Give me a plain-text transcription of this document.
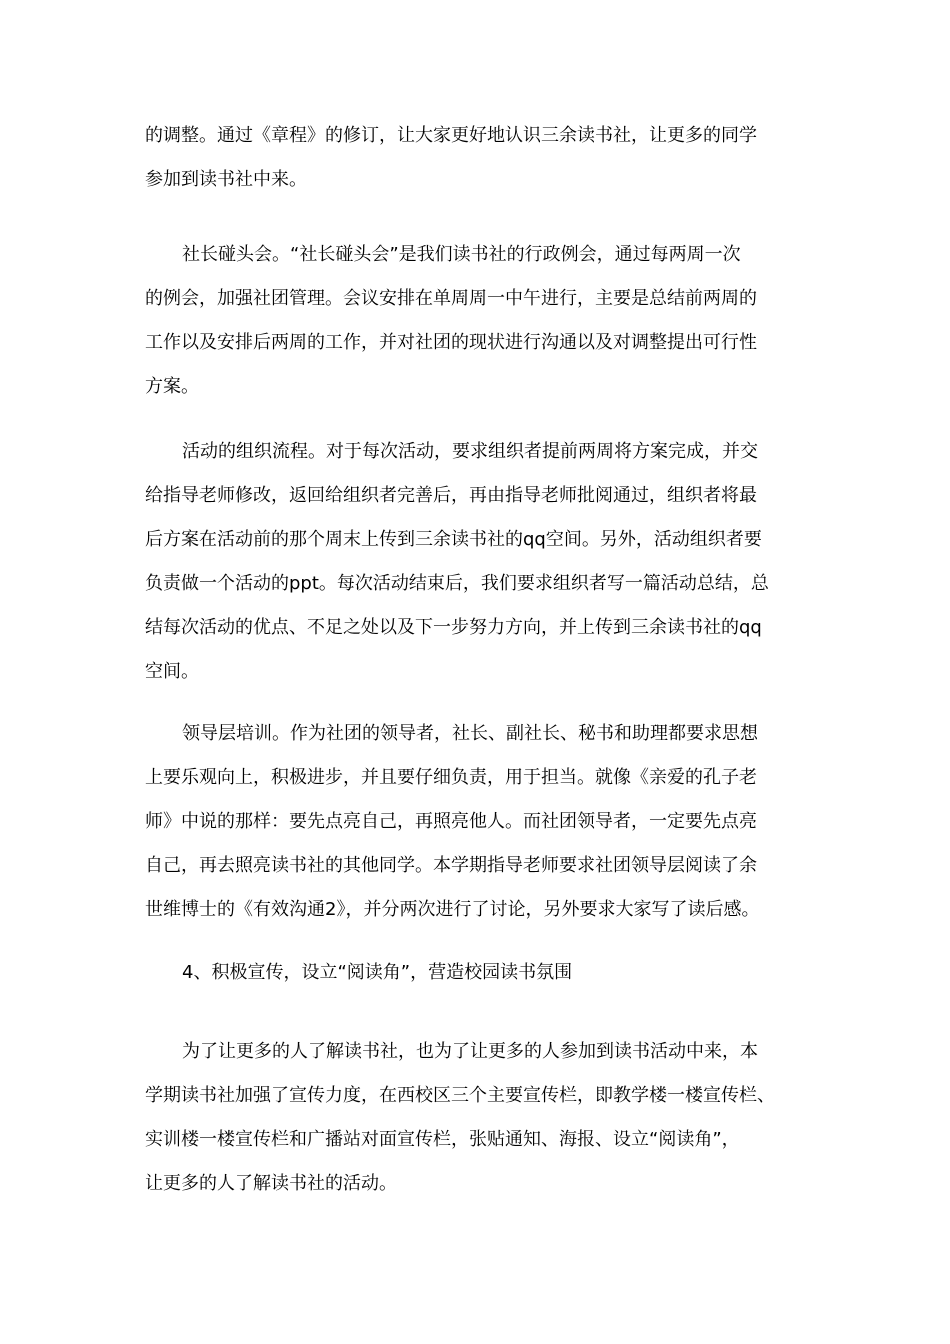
的调整。通过《章程》的修订，让大家更好地认识三余读书社，让更多的同学
参加到读书社中来。
社长碰头会。“社长碰头会”是我们读书社的行政例会，通过每两周一次
的例会，加强社团管理。会议安排在单周周一中午进行，主要是总结前两周的
工作以及安排后两周的工作，并对社团的现状进行沟通以及对调整提出可行性
方案。
活动的组织流程。对于每次活动，要求组织者提前两周将方案完成，并交
给指导老师修改，返回给组织者完善后，再由指导老师批阅通过，组织者将最
后方案在活动前的那个周末上传到三余读书社的qq空间。另外，活动组织者要
负责做一个活动的ppt。每次活动结束后，我们要求组织者写一篇活动总结，总
结每次活动的优点、不足之处以及下一步努力方向，并上传到三余读书社的qq
空间。
领导层培训。作为社团的领导者，社长、副社长、秘书和助理都要求思想
上要乐观向上，积极进步，并且要仔细负责，用于担当。就像《亲爱的孔子老
师》中说的那样：要先点亮自己，再照亮他人。而社团领导者，一定要先点亮
自己，再去照亮读书社的其他同学。本学期指导老师要求社团领导层阅读了余
世维博士的《有效沟通2》，并分两次进行了讨论，另外要求大家写了读后感。
4、积极宣传，设立“阅读角”，营造校园读书氛围
为了让更多的人了解读书社，也为了让更多的人参加到读书活动中来，本
学期读书社加强了宣传力度，在西校区三个主要宣传栏，即教学楼一楼宣传栏、
实训楼一楼宣传栏和广播站对面宣传栏，张贴通知、海报、设立“阅读角”，
让更多的人了解读书社的活动。
